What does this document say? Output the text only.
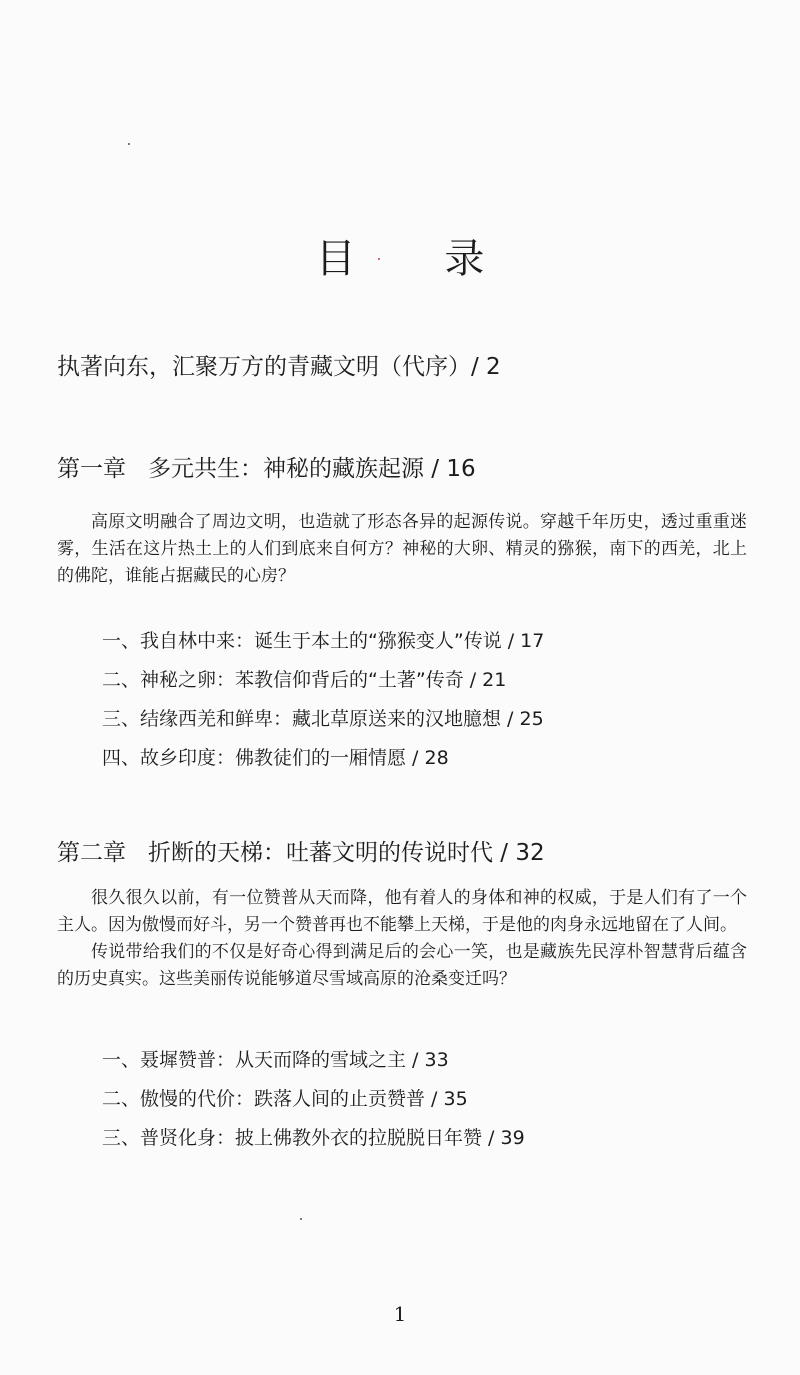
目 录
执著向东，汇聚万方的青藏文明（代序）/ 2
第一章 多元共生：神秘的藏族起源 / 16

高原文明融合了周边文明，也造就了形态各异的起源传说。穿越千年历史，透过重重迷雾，生活在这片热土上的人们到底来自何方？神秘的大卵、精灵的猕猴，南下的西羌，北上的佛陀，谁能占据藏民的心房？

一、我自林中来：诞生于本土的“猕猴变人”传说 / 17
二、神秘之卵：苯教信仰背后的“土著”传奇 / 21
三、结缘西羌和鲜卑：藏北草原送来的汉地臆想 / 25
四、故乡印度：佛教徒们的一厢情愿 / 28
第二章 折断的天梯：吐蕃文明的传说时代 / 32

很久很久以前，有一位赞普从天而降，他有着人的身体和神的权威，于是人们有了一个主人。因为傲慢而好斗，另一个赞普再也不能攀上天梯，于是他的肉身永远地留在了人间。

传说带给我们的不仅是好奇心得到满足后的会心一笑，也是藏族先民淳朴智慧背后蕴含的历史真实。这些美丽传说能够道尽雪域高原的沧桑变迁吗？

一、聂墀赞普：从天而降的雪域之主 / 33
二、傲慢的代价：跌落人间的止贡赞普 / 35
三、普贤化身：披上佛教外衣的拉脱脱日年赞 / 39
1
